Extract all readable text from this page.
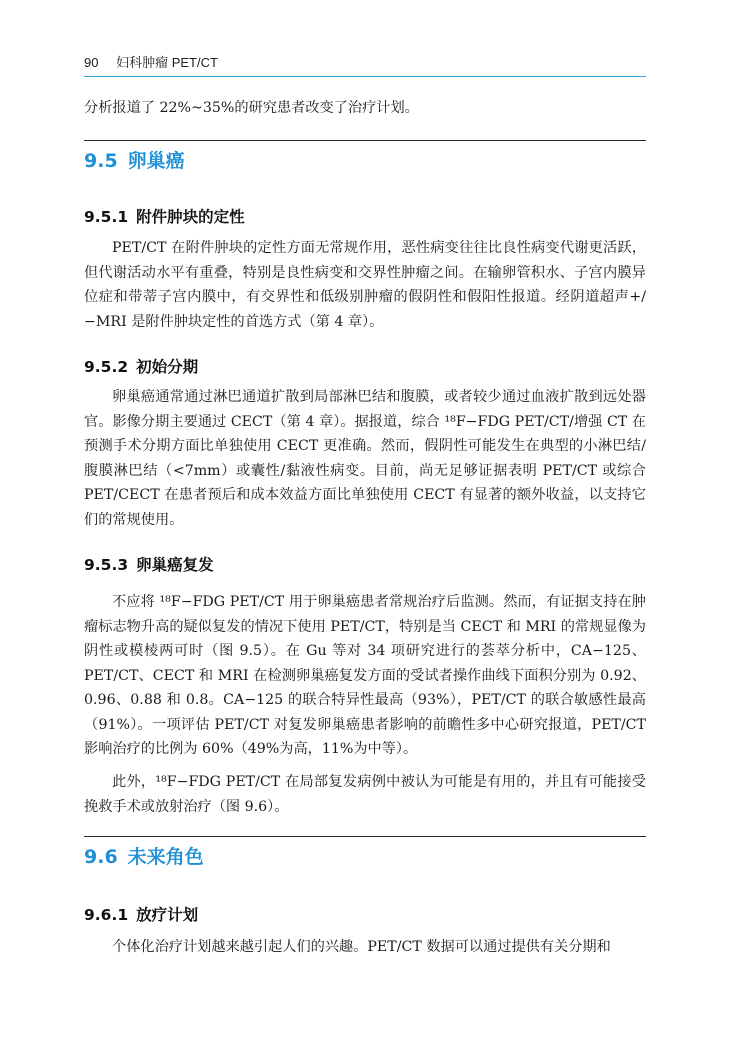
90 妇科肿瘤 PET/CT

分析报道了 22%~35%的研究患者改变了治疗计划。

9.5 卵巢癌
9.5.1 附件肿块的定性

PET/CT 在附件肿块的定性方面无常规作用，恶性病变往往比良性病变代谢更活跃，但代谢活动水平有重叠，特别是良性病变和交界性肿瘤之间。在输卵管积水、子宫内膜异位症和带蒂子宫内膜中，有交界性和低级别肿瘤的假阴性和假阳性报道。经阴道超声+/−MRI 是附件肿块定性的首选方式（第 4 章）。

9.5.2 初始分期

卵巢癌通常通过淋巴通道扩散到局部淋巴结和腹膜，或者较少通过血液扩散到远处器官。影像分期主要通过 CECT（第 4 章）。据报道，综合 ¹⁸F−FDG PET/CT/增强 CT 在预测手术分期方面比单独使用 CECT 更准确。然而，假阴性可能发生在典型的小淋巴结/腹膜淋巴结（<7mm）或囊性/黏液性病变。目前，尚无足够证据表明 PET/CT 或综合 PET/CECT 在患者预后和成本效益方面比单独使用 CECT 有显著的额外收益，以支持它们的常规使用。

9.5.3 卵巢癌复发

不应将 ¹⁸F−FDG PET/CT 用于卵巢癌患者常规治疗后监测。然而，有证据支持在肿瘤标志物升高的疑似复发的情况下使用 PET/CT，特别是当 CECT 和 MRI 的常规显像为阴性或模棱两可时（图 9.5）。在 Gu 等对 34 项研究进行的荟萃分析中，CA−125、PET/CT、CECT 和 MRI 在检测卵巢癌复发方面的受试者操作曲线下面积分别为 0.92、0.96、0.88 和 0.8。CA−125 的联合特异性最高（93%），PET/CT 的联合敏感性最高（91%）。一项评估 PET/CT 对复发卵巢癌患者影响的前瞻性多中心研究报道，PET/CT 影响治疗的比例为 60%（49%为高，11%为中等）。

此外，¹⁸F−FDG PET/CT 在局部复发病例中被认为可能是有用的，并且有可能接受挽救手术或放射治疗（图 9.6）。

9.6 未来角色
9.6.1 放疗计划

个体化治疗计划越来越引起人们的兴趣。PET/CT 数据可以通过提供有关分期和
